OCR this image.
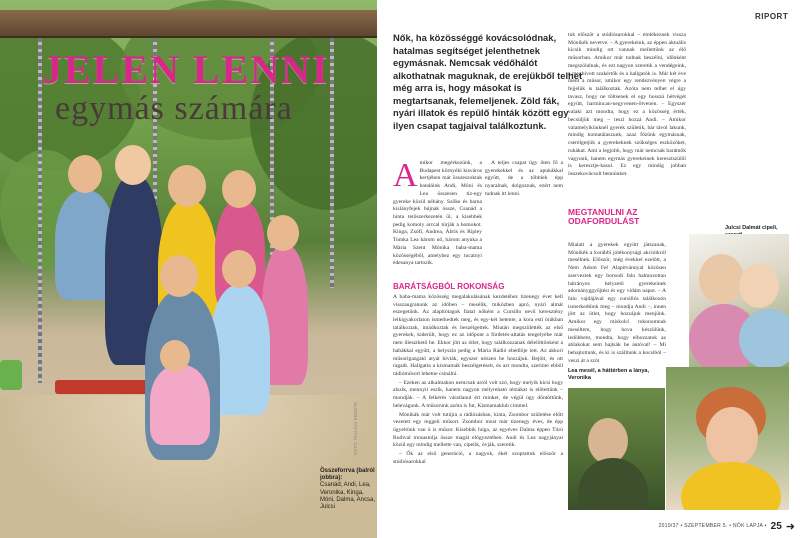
JELEN LENNI
egymás számára
Összeforrva (balról jobbra):
Csanád, Andi, Lea, Veronika, Kinga, Móni, Dalma, Ancsa, Julcsi
FOTÓ: PALLAGI KRISZTA
RIPORT
Nők, ha közösséggé kovácsolódnak, hatalmas segítséget jelenthetnek egymásnak. Nemcsak védőhálót alkothatnak maguknak, de erejükből telhet még arra is, hogy másokat is megtartsanak, felemeljenek. Zöld fák, nyári illatok és repülő hinták között egy ilyen csapat tagjaival találkoztunk.

Amikor megérkezünk, a Budapest környéki kisváros kertjében már összeszoktak bandáink Andi, Móni és Lea összesen tíz-egy gyereke közül néhány. Szőke és barna kislányfejek bújnak össze, Csanád a hinta tetőszerkezetén ül, a kisebbek pedig komoly arccal túrják a homokot. Kinga, Zsófi, Andrea, Ábris és Ripley Tomka Lea három nő, három anyuka a Mária Szent Mónika baba-mama közösségéből, amelyhez egy tucatnyi édesanya tartozik.

A teljes csapat úgy öten fő a gyerekekkel és az apukákkal együtt, de a többiek épp nyaralnak, dolgoznak, ezért nem tudnak itt lenni.

BARÁTSÁGBÓL ROKONSÁG

A baba-mama közösség megalakulásának kezdetéhez tizenegy évet kell visszaugranunk az időben – mesélik, miközben apró, nyári almát eszegetünk. Az alapítótagok fiatal nőként a Cursillo nevű keresztény lelkigyakorlaton ismerkedtek meg, és egy-két hetente, a kora esti órákban találkoztak, imádkoztak és beszélgettek. Miután megszülették az első gyerekek, kiderült, hogy ez az időpont a fürdetés-altatás tengelyébe már nem illeszthető be. Ekkor jött az ötlet, hogy találkozzanak délelőttönként a babákkal együtt, a helyszín pedig a Mária Rádió ebédlője lett. Az akkori műsorigazgató atyát hívták, egyszer nézzen be hozzájuk. Bejött, és ott ragadt. Hallgatta a kismamák beszélgetéseit, és azt mondta, szerinte ebből rádióműsort lehetne csinálni.

– Ezeken az alkalmakon nemcsak arról volt szó, hogy melyik kicsi hogy alszik, mennyit eszik, hanem nagyon mélyreható témákat is előtettünk – mondják. – A felkérés váratlanul ért minket, de végül úgy döntöttünk, belevágunk. A műsorunk azóta is fut, Kismamaklub címmel.

Mónikák már volt tutújra a rádiózásban, kinta, Zsombor születése előtt vezetett egy reggeli műsort. Zsombor most már tizenegy éves, de épp ügyeltünk van ú is műsor. Kisebbik húga, az egyéves Dalma éppen Túró Rudival mosastolja össze magát előgyeztében. Andi és Lea nagyjányai közül egy mindig mellette van, cipelik, óvják, szeretik.

– Ők az első generáció, a nagyok, ékét szoptattuk először a stúdiósarokkal

tuk először a stúdiósarokkal – emlékeznek vissza Mónikék nevetve. – A gyerekeink, az éppen aktuális kicsik mindig ott vannak mellettünk az élő műsorban. Amikor már tudnak beszélni, időnként megszólalnak, és ezt nagyon szeretik a vendégeink, a meghívott szakértők és a hallgatók is. Már két éve ment a műsor, amikor egy rendezvényen végre a fejjelük is találkoztak. Azóta nem telhet el úgy tavasz, hogy ne töltsenek el egy hosszú hétvégét együtt, harmincan-negyvenen-ötvenen. – Egyszer valaki azt mondta, hogy ez a közösség érték, becsüljük meg – teszi hozzá Andi. – Amikor valamelyikünknél gyerek születik, bár távol lakunk, mindig komatálaszunk, azaz főzünk egymásnak, cserélgetjük a gyerekeknek szükséges eszközöket, ruhákat. Ami a legjobb, hogy már nemcsak barátnők vagyunk, hanem egymás gyerekeinek keresztszülői is keresztje-kasul. Ez egy mindig jobban összekovácsolt bennünket.

MEGTANULNI AZ ODAFORDULÁST

Mialatt a gyerekek együtt játszanak, Mónikék a korábbi jótékonysági akcióikról mesélnek. Először, még évekkel ezelőtt, a Nem Adom Fel Alapítvánnyal közösen szerveztek egy borsodi falu halmozottan hátrányos helyzetű gyerekeinek adományggyűjtést és egy vidám napot. – A falu vajdájával egy cursillós találkozón ismerkedtünk meg – mondja Andi –, innen jött az ötlet, hogy hozzájuk menjünk. Amikor egy miskolci rokonomnak meséltem, hogy hova készülünk, ledöbbent, mondta, hogy elhozzatok az ablakokat sem hajtsák be autóval! – Mi behajtottunk, és ki is szálltunk a kocsiból – veszi át a szót

Julcsi Dalmát cipeli,
Lea mesél, a háttérben a lánya, Veronika
2019/37 • SZEPTEMBER 5. • NŐK LAPJA • 25 ➜
